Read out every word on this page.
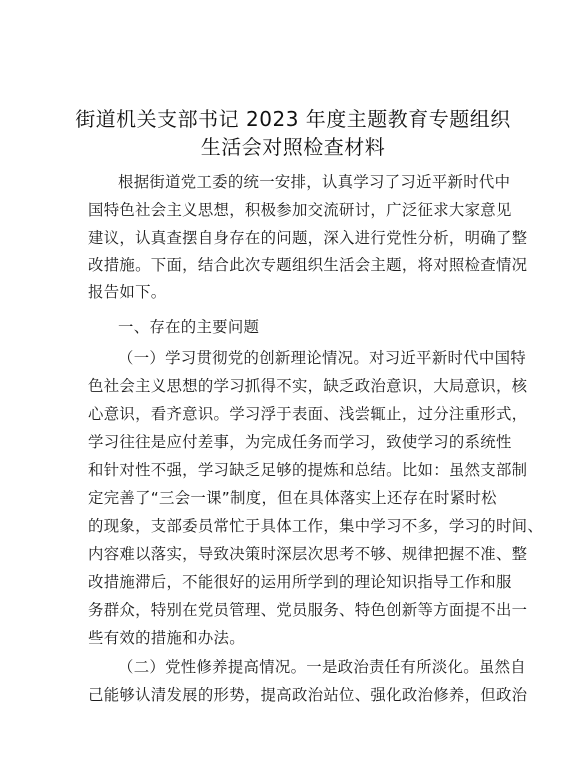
街道机关支部书记 2023 年度主题教育专题组织
生活会对照检查材料
根据街道党工委的统一安排，认真学习了习近平新时代中
国特色社会主义思想，积极参加交流研讨，广泛征求大家意见
建议，认真查摆自身存在的问题，深入进行党性分析，明确了整
改措施。下面，结合此次专题组织生活会主题，将对照检查情况
报告如下。
一、存在的主要问题
（一）学习贯彻党的创新理论情况。对习近平新时代中国特
色社会主义思想的学习抓得不实，缺乏政治意识，大局意识，核
心意识，看齐意识。学习浮于表面、浅尝辄止，过分注重形式，
学习往往是应付差事，为完成任务而学习，致使学习的系统性
和针对性不强，学习缺乏足够的提炼和总结。比如：虽然支部制
定完善了“三会一课”制度，但在具体落实上还存在时紧时松
的现象，支部委员常忙于具体工作，集中学习不多，学习的时间、
内容难以落实，导致决策时深层次思考不够、规律把握不准、整
改措施滞后，不能很好的运用所学到的理论知识指导工作和服
务群众，特别在党员管理、党员服务、特色创新等方面提不出一
些有效的措施和办法。
（二）党性修养提高情况。一是政治责任有所淡化。虽然自
己能够认清发展的形势，提高政治站位、强化政治修养，但政治
